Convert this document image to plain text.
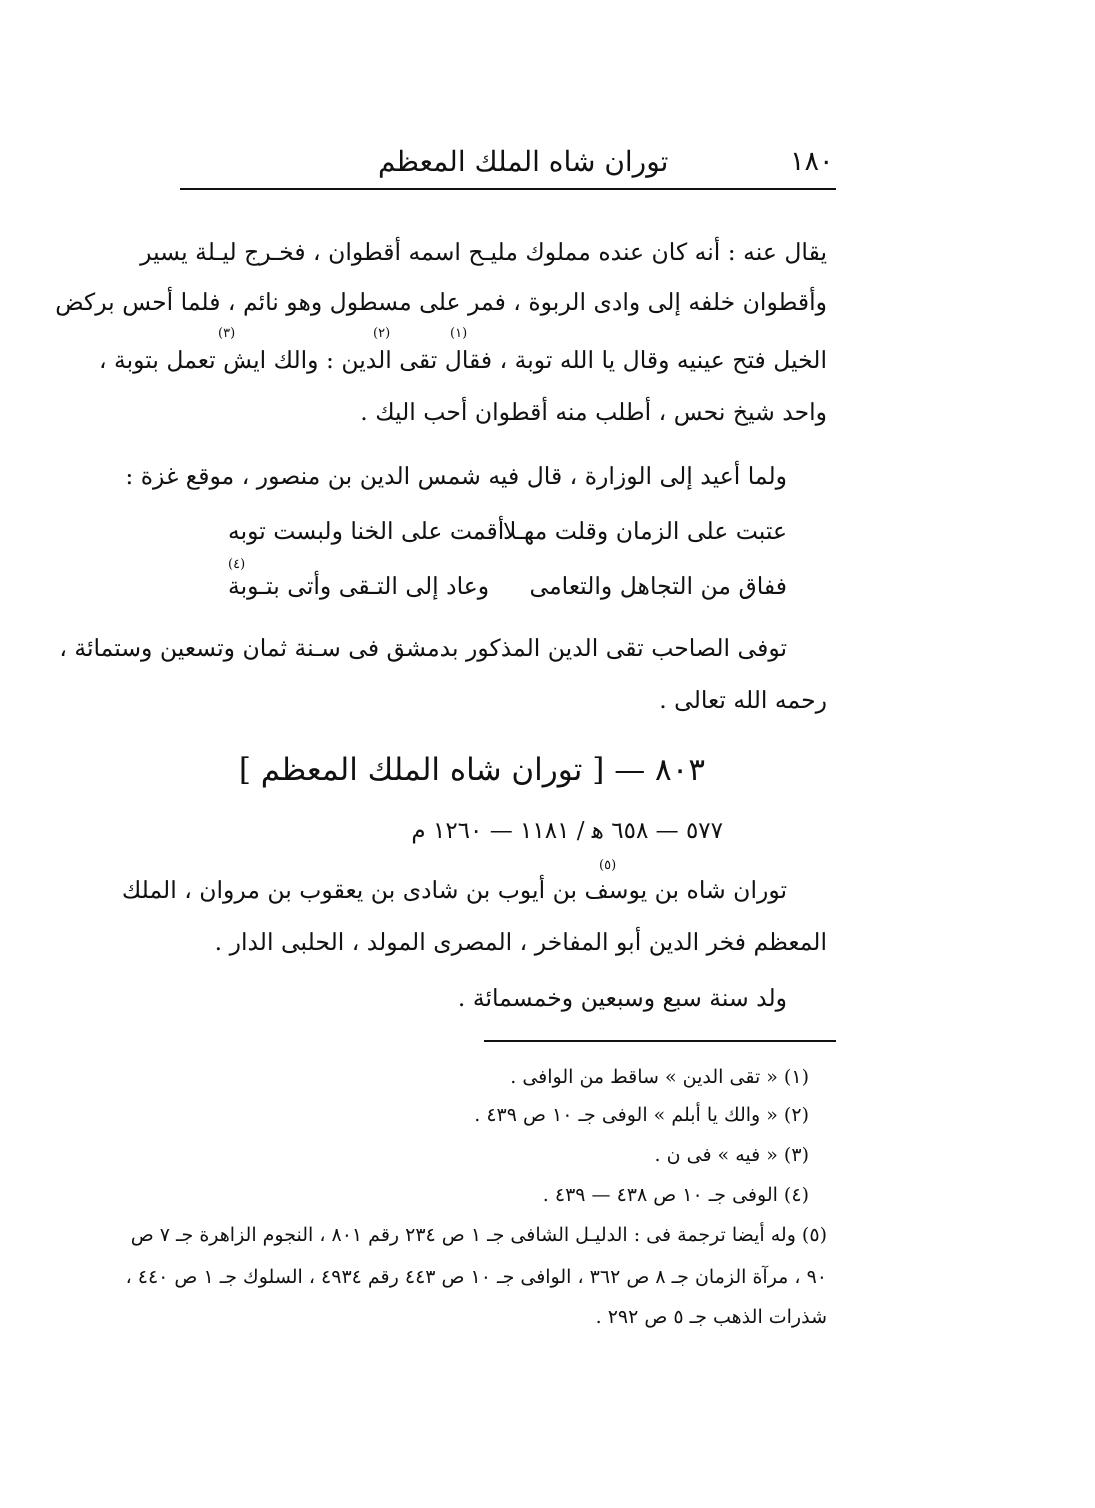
١٨٠
توران شاه الملك المعظم
يقال عنه : أنه كان عنده مملوك مليـح اسمه أقطوان ، فخـرج ليـلة يسير
وأقطوان خلفه إلى وادى الربوة ، فمر على مسطول وهو نائم ، فلما أحس بركض
الخيل فتح عينيه وقال يا الله توبة ، فقال تقى الدين : والك ايش تعمل بتوبة ،
واحد شيخ نحس ، أطلب منه أقطوان أحب اليك .
(١)
(٢)
(٣)
ولما أعيد إلى الوزارة ، قال فيه شمس الدين بن منصور ، موقع غزة :
عتبت على الزمان وقلت مهـلا
أقمت على الخنا ولبست توبه
ففاق من التجاهل والتعامى
وعاد إلى التـقى وأتى بتـوبة
(٤)
توفى الصاحب تقى الدين المذكور بدمشق فى سـنة ثمان وتسعين وستمائة ،
رحمه الله تعالى .
٨٠٣ — [ توران شاه الملك المعظم ]
٥٧٧ — ٦٥٨ ﻫ / ١١٨١ — ١٢٦٠ م
توران شاه بن يوسف بن أيوب بن شادى بن يعقوب بن مروان ، الملك
(٥)
المعظم فخر الدين أبو المفاخر ، المصرى المولد ، الحلبى الدار .
ولد سنة سبع وسبعين وخمسمائة .
(١) « تقى الدين » ساقط من الوافى .
(٢) « والك يا أبلم » الوفى جـ ١٠ ص ٤٣٩ .
(٣) « فيه » فى ن .
(٤) الوفى جـ ١٠ ص ٤٣٨ — ٤٣٩ .
(٥) وله أيضا ترجمة فى : الدليـل الشافى جـ ١ ص ٢٣٤ رقم ٨٠١ ، النجوم الزاهرة جـ ٧ ص
٩٠ ، مرآة الزمان جـ ٨ ص ٣٦٢ ، الوافى جـ ١٠ ص ٤٤٣ رقم ٤٩٣٤ ، السلوك جـ ١ ص ٤٤٠ ،
شذرات الذهب جـ ٥ ص ٢٩٢ .
